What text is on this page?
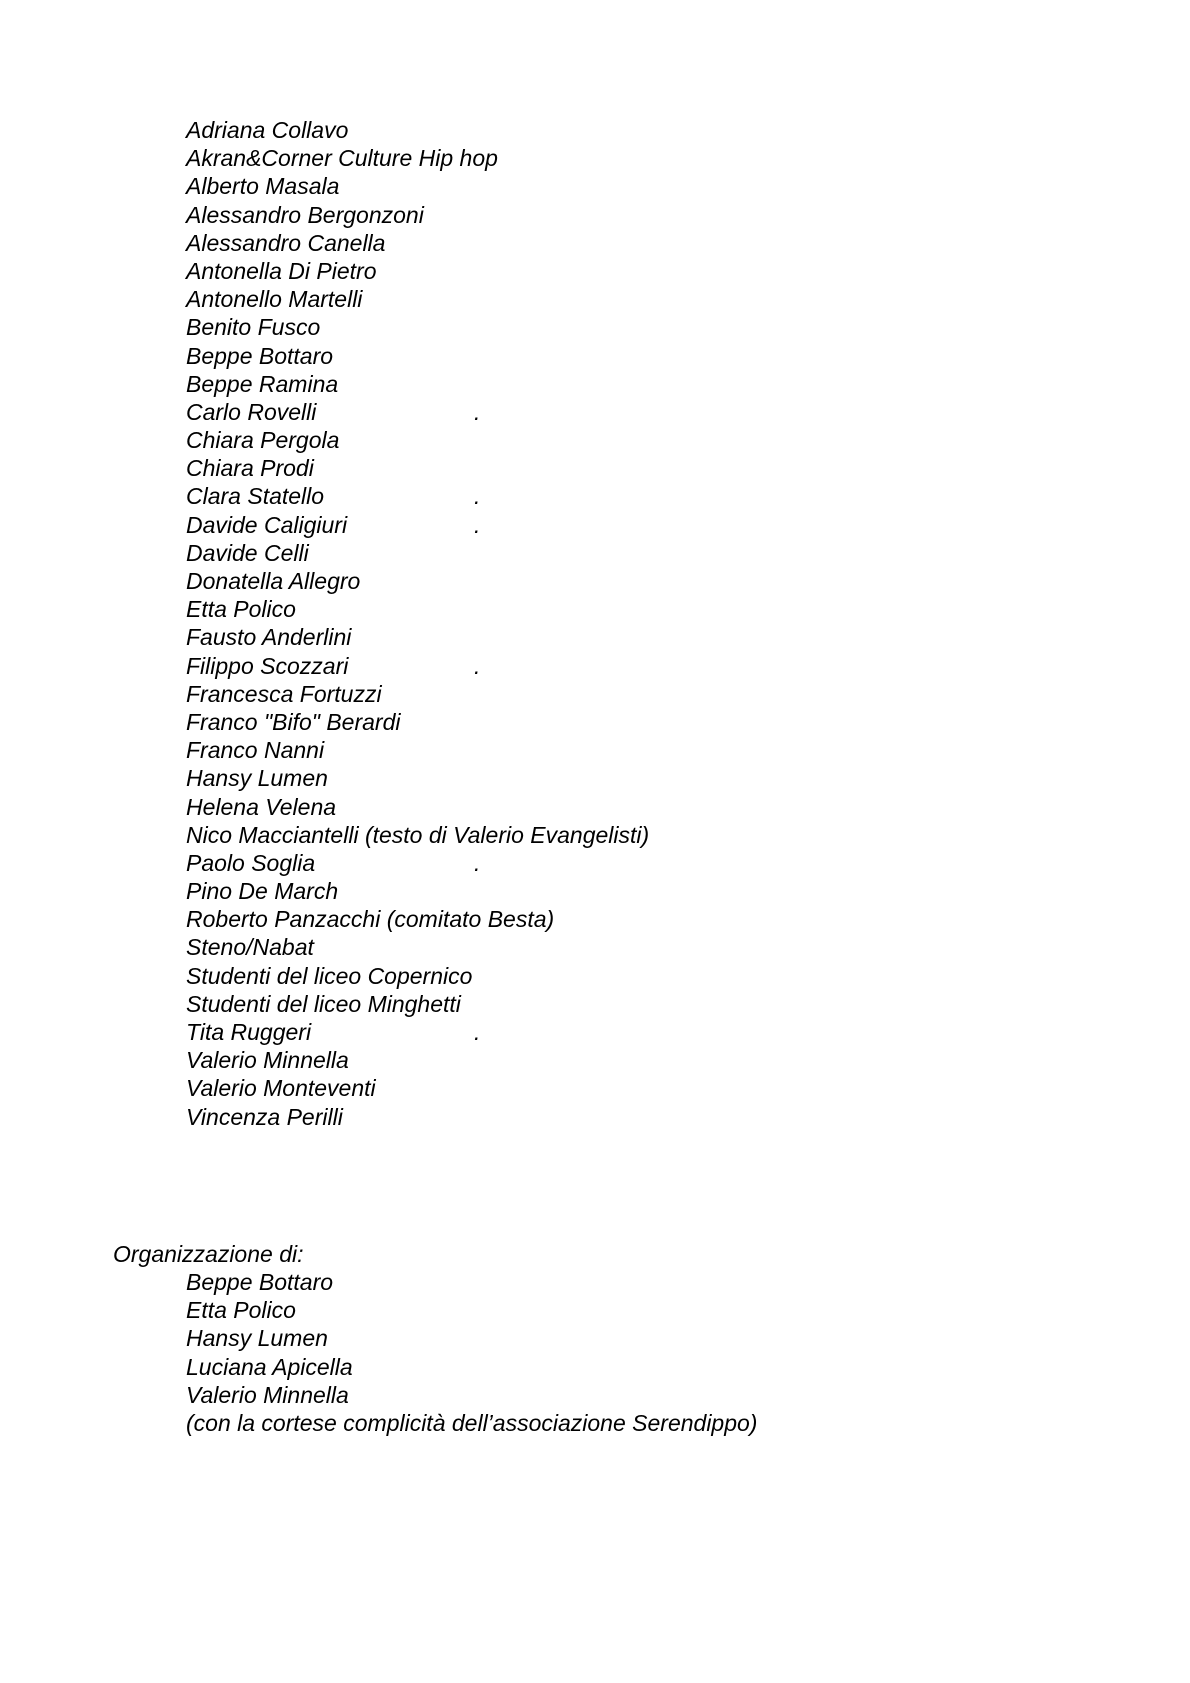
Adriana Collavo
Akran&Corner Culture Hip hop
Alberto Masala
Alessandro Bergonzoni
Alessandro Canella
Antonella Di Pietro
Antonello Martelli
Benito Fusco
Beppe Bottaro
Beppe Ramina
Carlo Rovelli	.
Chiara Pergola
Chiara Prodi
Clara Statello	.
Davide Caligiuri	.
Davide Celli
Donatella Allegro
Etta Polico
Fausto Anderlini
Filippo Scozzari	.
Francesca Fortuzzi
Franco "Bifo" Berardi
Franco Nanni
Hansy Lumen
Helena Velena
Nico Macciantelli (testo di Valerio Evangelisti)
Paolo Soglia	.
Pino De March
Roberto Panzacchi (comitato Besta)
Steno/Nabat
Studenti del liceo Copernico
Studenti del liceo Minghetti
Tita Ruggeri	.
Valerio Minnella
Valerio Monteventi
Vincenza Perilli
Organizzazione di:
Beppe Bottaro
Etta Polico
Hansy Lumen
Luciana Apicella
Valerio Minnella
(con la cortese complicità dell’associazione Serendippo)
